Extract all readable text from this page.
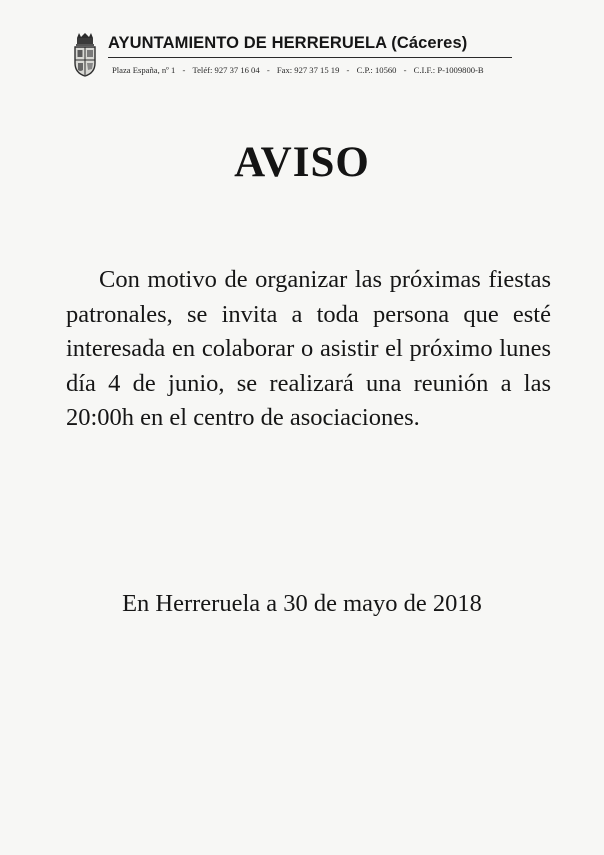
AYUNTAMIENTO DE HERRERUELA (Cáceres)
Plaza España, nº 1 - Teléf: 927 37 16 04 - Fax: 927 37 15 19 - C.P.: 10560 - C.I.F.: P-1009800-B
AVISO

Con motivo de organizar las próximas fiestas patronales, se invita a toda persona que esté interesada en colaborar o asistir el próximo lunes día 4 de junio, se realizará una reunión a las 20:00h en el centro de asociaciones.

En Herreruela a 30 de mayo de 2018
